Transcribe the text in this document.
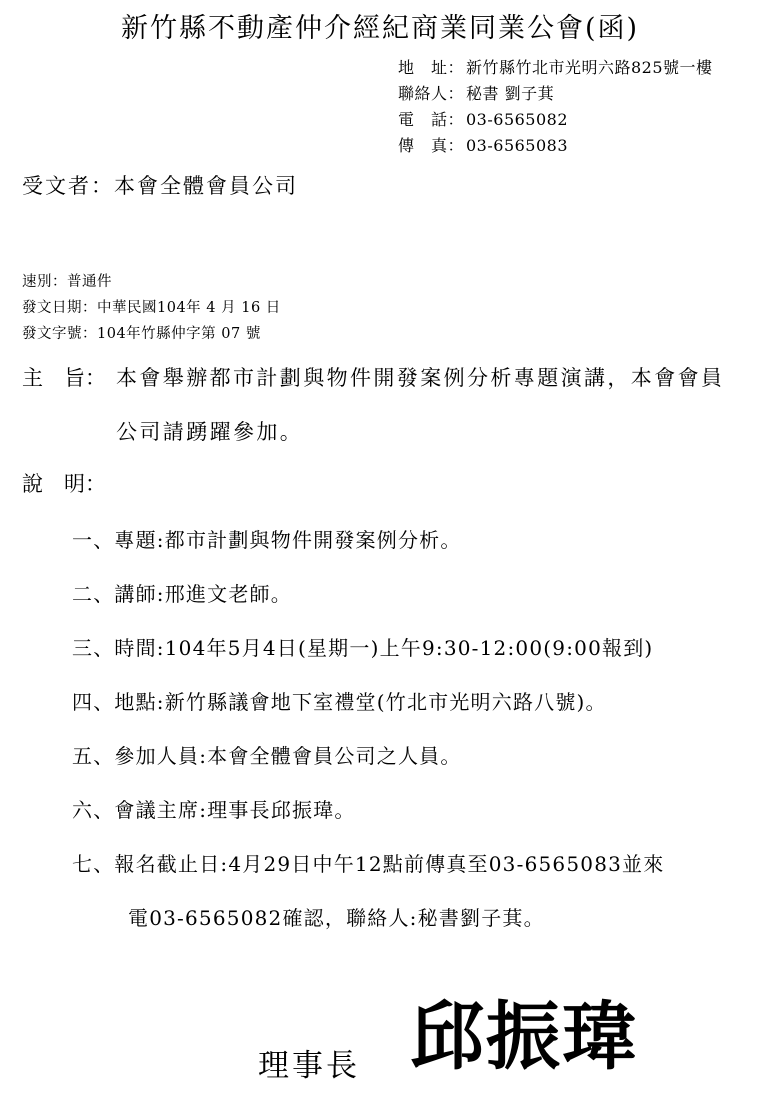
新竹縣不動產仲介經紀商業同業公會(函)
地　址： 新竹縣竹北市光明六路825號一樓
聯絡人： 秘書 劉子萁
電　話： 03-6565082
傳　真： 03-6565083
受文者：本會全體會員公司
速別：普通件
發文日期：中華民國104年 4 月 16 日
發文字號：104年竹縣仲字第 07 號
主　旨： 本會舉辦都市計劃與物件開發案例分析專題演講，本會會員
公司請踴躍參加。
說　明：
一、專題:都市計劃與物件開發案例分析。
二、講師:邢進文老師。
三、時間:104年5月4日(星期一)上午9:30-12:00(9:00報到)
四、地點:新竹縣議會地下室禮堂(竹北市光明六路八號)。
五、參加人員:本會全體會員公司之人員。
六、會議主席:理事長邱振瑋。
七、報名截止日:4月29日中午12點前傳真至03-6565083並來
電03-6565082確認，聯絡人:秘書劉子萁。
理事長 邱振瑋
